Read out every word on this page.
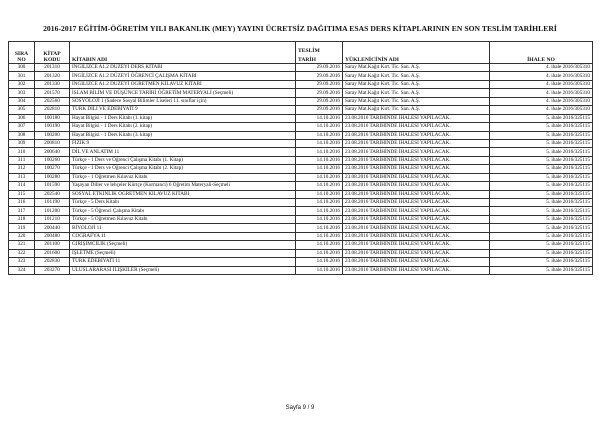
2016-2017 EĞİTİM-ÖĞRETİM YILI BAKANLIK (MEY) YAYINI ÜCRETSİZ DAĞITIMA ESAS DERS KİTAPLARININ EN SON TESLİM TARİHLERİ
SIRA
NO	KİTAP
KODU	KİTABIN ADI	TESLİM
TARİH	YÜKLENİCİNİN ADI	İHALE NO
300	201310	İNGİLİZCE A1.2 DÜZEYİ DERS KİTABI	29.09.2016	Saray Mat.Kağıt Kırt. Tic. San. A.Ş.	4. ihale 2016/305310
301	201320	İNGİLİZCE A1.2 DÜZEYİ ÖĞRENCİ ÇALIŞMA KİTABI	29.09.2016	Saray Mat.Kağıt Kırt. Tic. San. A.Ş.	4. ihale 2016/305310
302	201330	İNGİLİZCE A1.2 DÜZEYİ ÖĞRETMEN KILAVUZ KİTABI	29.09.2016	Saray Mat.Kağıt Kırt. Tic. San. A.Ş.	4. ihale 2016/305310
303	201570	İSLAM BİLİM VE DÜŞÜNCE TARİHİ ÖĞRETİM MATERYALİ (Seçmeli)	29.09.2016	Saray Mat.Kağıt Kırt. Tic. San. A.Ş.	4. ihale 2016/305310
304	202560	SOSYOLOJİ 1 (Sadece Sosyal Bilimler Liseleri 11. sınıflar için)	29.09.2016	Saray Mat.Kağıt Kırt. Tic. San. A.Ş.	4. ihale 2016/305310
305	202810	TÜRK DİLİ VE EDEBİYATI 9	29.09.2016	Saray Mat.Kağıt Kırt. Tic. San. A.Ş.	4. ihale 2016/305310
306	100180	Hayat Bilgisi - 1 Ders Kitabı (1. kitap)	14.10.2016	23.08.2016 TARİHİNDE İHALESİ YAPILACAK.	5. ihale 2016/325115
307	100190	Hayat Bilgisi - 1 Ders Kitabı (2. kitap)	14.10.2016	23.08.2016 TARİHİNDE İHALESİ YAPILACAK.	5. ihale 2016/325115
308	100200	Hayat Bilgisi - 1 Ders Kitabı (3. kitap)	14.10.2016	23.08.2016 TARİHİNDE İHALESİ YAPILACAK.	5. ihale 2016/325115
309	200810	FİZİK 9	14.10.2016	23.08.2016 TARİHİNDE İHALESİ YAPILACAK.	5. ihale 2016/325115
310	200640	DİL VE ANLATIM 11	14.10.2016	23.08.2016 TARİHİNDE İHALESİ YAPILACAK.	5. ihale 2016/325115
311	100260	Türkçe - 1 Ders ve Öğrenci Çalışma Kitabı (1. Kitap)	14.10.2016	23.08.2016 TARİHİNDE İHALESİ YAPILACAK.	5. ihale 2016/325115
312	100270	Türkçe - 1 Ders ve Öğrenci Çalışma Kitabı (2. Kitap)	14.10.2016	23.08.2016 TARİHİNDE İHALESİ YAPILACAK.	5. ihale 2016/325115
313	100280	Türkçe - 1 Öğretmen Kılavuz Kitabı	14.10.2016	23.08.2016 TARİHİNDE İHALESİ YAPILACAK.	5. ihale 2016/325115
314	101590	Yaşayan Diller ve lehçeler Kürtçe (Kurmanci) 6 Öğretim Materyali-Seçmeli	14.10.2016	23.08.2016 TARİHİNDE İHALESİ YAPILACAK.	5. ihale 2016/325115
315	202540	SOSYAL ETKİNLİK ÖĞRETMEN KILAVUZ KİTABI	14.10.2016	23.08.2016 TARİHİNDE İHALESİ YAPILACAK.	5. ihale 2016/325115
316	101190	Türkçe - 5 Ders Kitabı	14.10.2016	23.08.2016 TARİHİNDE İHALESİ YAPILACAK.	5. ihale 2016/325115
317	101200	Türkçe - 5 Öğrenci Çalışma Kitabı	14.10.2016	23.08.2016 TARİHİNDE İHALESİ YAPILACAK.	5. ihale 2016/325115
318	101210	Türkçe - 5 Öğretmen Kılavuz Kitabı	14.10.2016	23.08.2016 TARİHİNDE İHALESİ YAPILACAK.	5. ihale 2016/325115
319	200440	BİYOLOJİ 11	14.10.2016	23.08.2016 TARİHİNDE İHALESİ YAPILACAK.	5. ihale 2016/325115
320	200480	COĞRAFYA 11	14.10.2016	23.08.2016 TARİHİNDE İHALESİ YAPILACAK.	5. ihale 2016/325115
321	201100	GİRİŞİMCİLİK (Seçmeli)	14.10.2016	23.08.2016 TARİHİNDE İHALESİ YAPILACAK.	5. ihale 2016/325115
322	201600	İŞLETME (Seçmeli)	14.10.2016	23.08.2016 TARİHİNDE İHALESİ YAPILACAK.	5. ihale 2016/325115
323	202830	TÜRK EDEBİYATI 11	14.10.2016	23.08.2016 TARİHİNDE İHALESİ YAPILACAK.	5. ihale 2016/325115
324	203270	ULUSLARARASI İLİŞKİLER (Seçmeli)	14.10.2016	23.08.2016 TARİHİNDE İHALESİ YAPILACAK.	5. ihale 2016/325115
Sayfa 9 / 9
